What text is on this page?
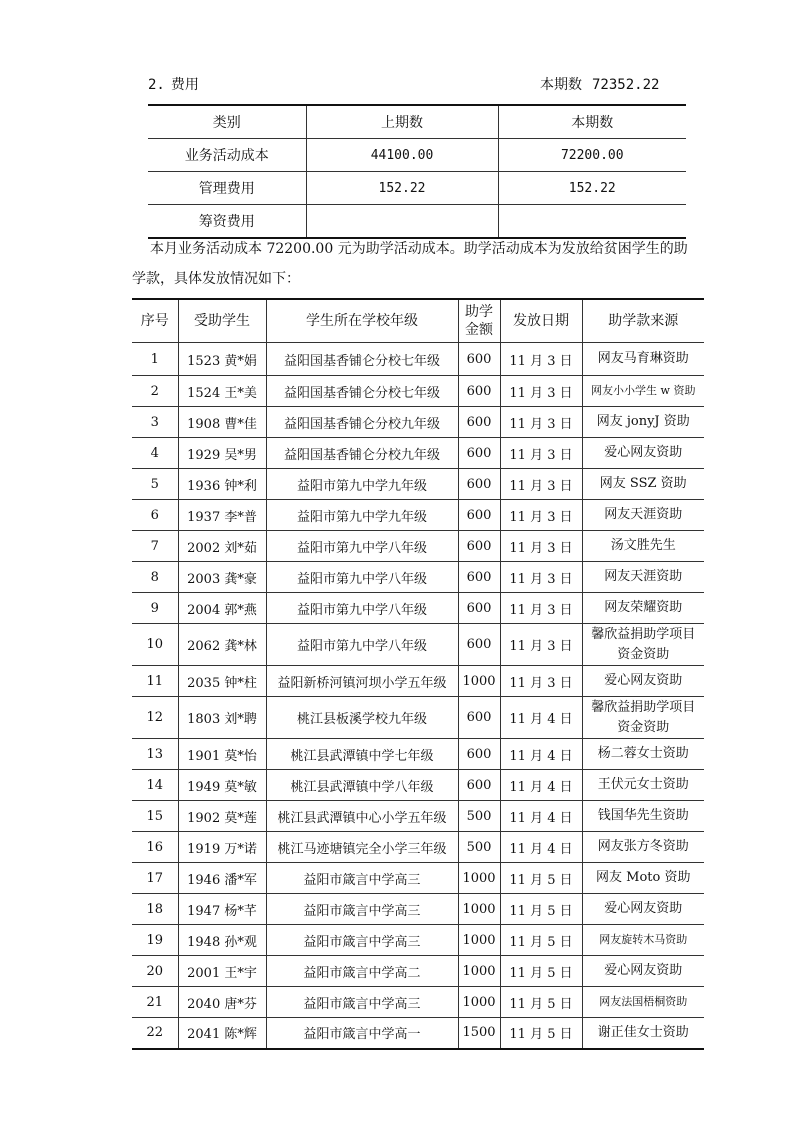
2. 费用	本期数 72352.22
类别	上期数	本期数
业务活动成本	44100.00	72200.00
管理费用	152.22	152.22
筹资费用		
本月业务活动成本 72200.00 元为助学活动成本。助学活动成本为发放给贫困学生的助学款，具体发放情况如下：
序号	受助学生	学生所在学校年级	助学金额	发放日期	助学款来源
1	1523 黄*娟	益阳国基香铺仑分校七年级	600	11 月 3 日	网友马育琳资助
2	1524 王*美	益阳国基香铺仑分校七年级	600	11 月 3 日	网友小小学生 w 资助
3	1908 曹*佳	益阳国基香铺仑分校九年级	600	11 月 3 日	网友 jonyJ 资助
4	1929 吴*男	益阳国基香铺仑分校九年级	600	11 月 3 日	爱心网友资助
5	1936 钟*利	益阳市第九中学九年级	600	11 月 3 日	网友 SSZ 资助
6	1937 李*普	益阳市第九中学九年级	600	11 月 3 日	网友天涯资助
7	2002 刘*茹	益阳市第九中学八年级	600	11 月 3 日	汤文胜先生
8	2003 龚*豪	益阳市第九中学八年级	600	11 月 3 日	网友天涯资助
9	2004 郭*燕	益阳市第九中学八年级	600	11 月 3 日	网友荣耀资助
10	2062 龚*林	益阳市第九中学八年级	600	11 月 3 日	馨欣益捐助学项目资金资助
11	2035 钟*柱	益阳新桥河镇河坝小学五年级	1000	11 月 3 日	爱心网友资助
12	1803 刘*聘	桃江县板溪学校九年级	600	11 月 4 日	馨欣益捐助学项目资金资助
13	1901 莫*怡	桃江县武潭镇中学七年级	600	11 月 4 日	杨二蓉女士资助
14	1949 莫*敏	桃江县武潭镇中学八年级	600	11 月 4 日	王伏元女士资助
15	1902 莫*莲	桃江县武潭镇中心小学五年级	500	11 月 4 日	钱国华先生资助
16	1919 万*诺	桃江马迹塘镇完全小学三年级	500	11 月 4 日	网友张方冬资助
17	1946 潘*军	益阳市箴言中学高三	1000	11 月 5 日	网友 Moto 资助
18	1947 杨*芊	益阳市箴言中学高三	1000	11 月 5 日	爱心网友资助
19	1948 孙*观	益阳市箴言中学高三	1000	11 月 5 日	网友旋转木马资助
20	2001 王*宇	益阳市箴言中学高二	1000	11 月 5 日	爱心网友资助
21	2040 唐*芬	益阳市箴言中学高三	1000	11 月 5 日	网友法国梧桐资助
22	2041 陈*辉	益阳市箴言中学高一	1500	11 月 5 日	谢正佳女士资助
